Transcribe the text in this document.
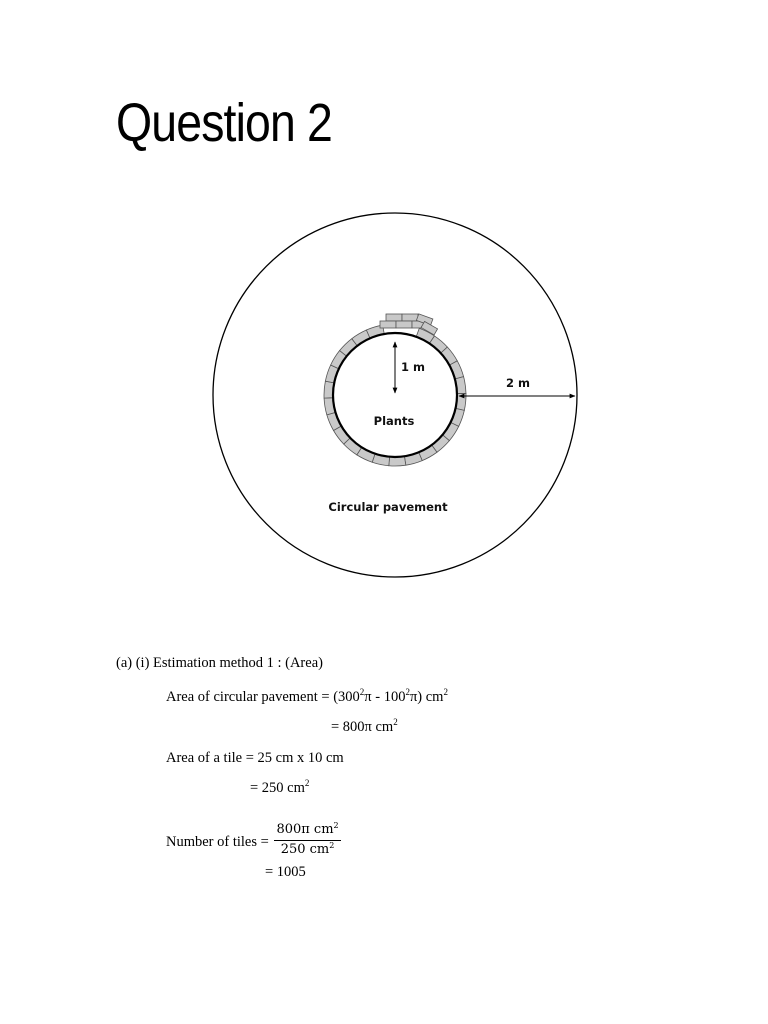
Question 2
1 m
2 m
Plants
Circular pavement
(a) (i) Estimation method 1 : (Area)
Area of circular pavement = $(300^2\pi - 100^2\pi)$ $cm^2$
= 800π $cm^2$
Area of a tile = 25 cm x 10 cm
= 250 $cm^2$
Number of tiles = $\frac{800\pi cm^2}{250 cm^2}$
= 1005
